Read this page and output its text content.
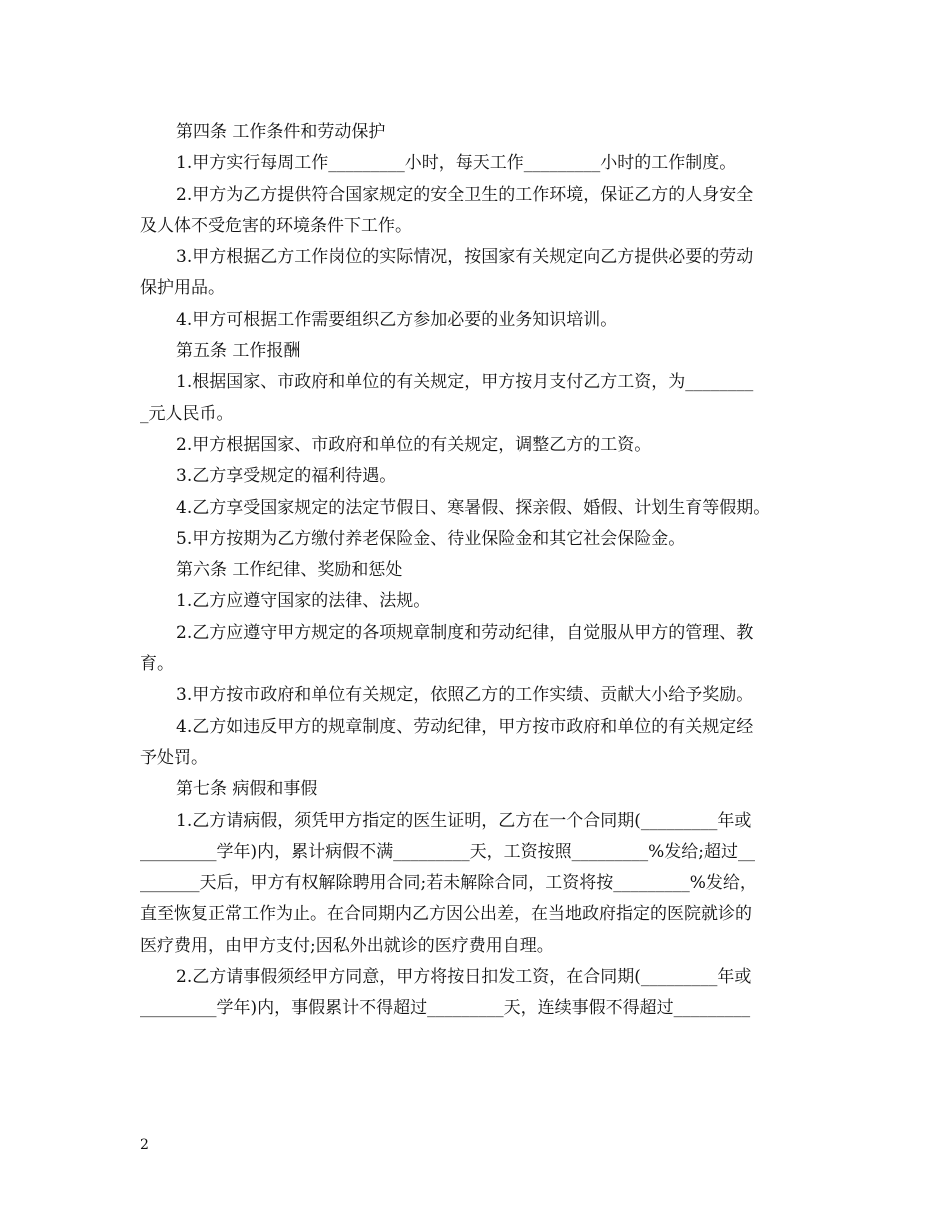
第四条 工作条件和劳动保护
1.甲方实行每周工作_________小时，每天工作_________小时的工作制度。
2.甲方为乙方提供符合国家规定的安全卫生的工作环境，保证乙方的人身安全
及人体不受危害的环境条件下工作。
3.甲方根据乙方工作岗位的实际情况，按国家有关规定向乙方提供必要的劳动
保护用品。
4.甲方可根据工作需要组织乙方参加必要的业务知识培训。
第五条 工作报酬
1.根据国家、市政府和单位的有关规定，甲方按月支付乙方工资，为________
_元人民币。
2.甲方根据国家、市政府和单位的有关规定，调整乙方的工资。
3.乙方享受规定的福利待遇。
4.乙方享受国家规定的法定节假日、寒暑假、探亲假、婚假、计划生育等假期。
5.甲方按期为乙方缴付养老保险金、待业保险金和其它社会保险金。
第六条 工作纪律、奖励和惩处
1.乙方应遵守国家的法律、法规。
2.乙方应遵守甲方规定的各项规章制度和劳动纪律，自觉服从甲方的管理、教
育。
3.甲方按市政府和单位有关规定，依照乙方的工作实绩、贡献大小给予奖励。
4.乙方如违反甲方的规章制度、劳动纪律，甲方按市政府和单位的有关规定经
予处罚。
第七条 病假和事假
1.乙方请病假，须凭甲方指定的医生证明，乙方在一个合同期(_________年或
_________学年)内，累计病假不满_________天，工资按照_________%发给;超过__
_______天后，甲方有权解除聘用合同;若未解除合同，工资将按_________%发给，
直至恢复正常工作为止。在合同期内乙方因公出差，在当地政府指定的医院就诊的
医疗费用，由甲方支付;因私外出就诊的医疗费用自理。
2.乙方请事假须经甲方同意，甲方将按日扣发工资，在合同期(_________年或
_________学年)内，事假累计不得超过_________天，连续事假不得超过_________
2
